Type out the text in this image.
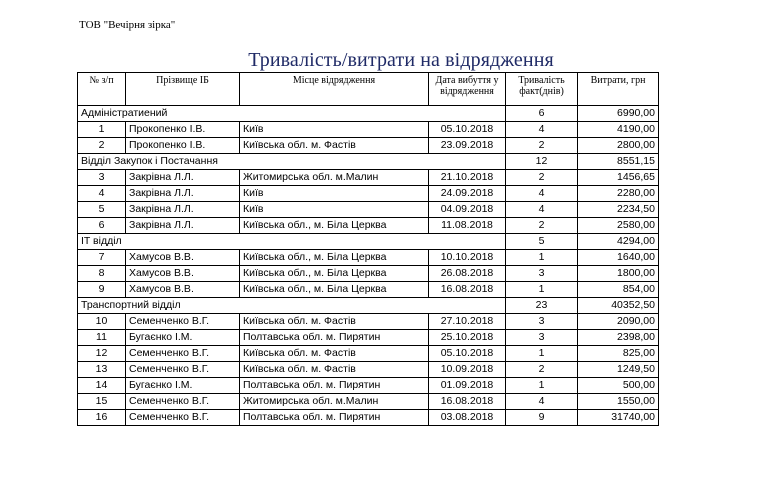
ТОВ "Вечірня зірка"
Тривалість/витрати на відрядження
№ з/п	Прізвище ІБ	Місце відрядження	Дата вибуття у відрядження	Тривалість факт(днів)	Витрати, грн
Адміністратиений				6	6990,00
1	Прокопенко І.В.	Київ	05.10.2018	4	4190,00
2	Прокопенко І.В.	Київська обл. м. Фастів	23.09.2018	2	2800,00
Відділ Закупок і Постачання				12	8551,15
3	Закрівна Л.Л.	Житомирська обл. м.Малин	21.10.2018	2	1456,65
4	Закрівна Л.Л.	Київ	24.09.2018	4	2280,00
5	Закрівна Л.Л.	Київ	04.09.2018	4	2234,50
6	Закрівна Л.Л.	Київська обл., м. Біла Церква	11.08.2018	2	2580,00
IT відділ				5	4294,00
7	Хамусов В.В.	Київська обл., м. Біла Церква	10.10.2018	1	1640,00
8	Хамусов В.В.	Київська обл., м. Біла Церква	26.08.2018	3	1800,00
9	Хамусов В.В.	Київська обл., м. Біла Церква	16.08.2018	1	854,00
Транспортний відділ				23	40352,50
10	Семенченко В.Г.	Київська обл. м. Фастів	27.10.2018	3	2090,00
11	Бугаєнко І.М.	Полтавська обл. м. Пирятин	25.10.2018	3	2398,00
12	Семенченко В.Г.	Київська обл. м. Фастів	05.10.2018	1	825,00
13	Семенченко В.Г.	Київська обл. м. Фастів	10.09.2018	2	1249,50
14	Бугаєнко І.М.	Полтавська обл. м. Пирятин	01.09.2018	1	500,00
15	Семенченко В.Г.	Житомирська обл. м.Малин	16.08.2018	4	1550,00
16	Семенченко В.Г.	Полтавська обл. м. Пирятин	03.08.2018	9	31740,00
